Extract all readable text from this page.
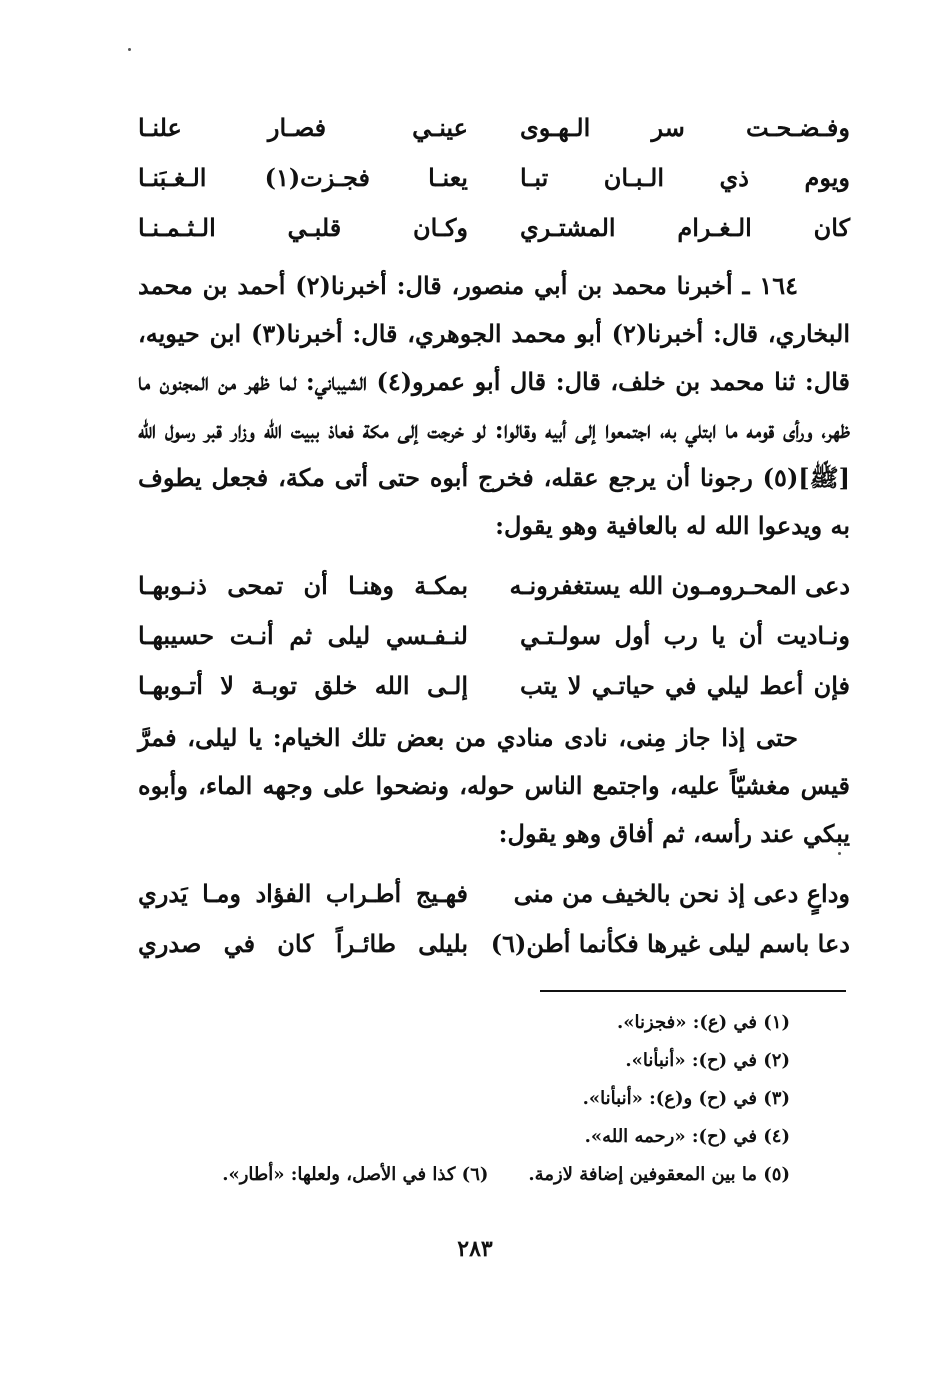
وفـضـحـت سر الـهـوى
عينـي فصـار علنـا
ويوم ذي الـبـان تبـا
يعنـا فجـزت(١) الـغـبَنـا
كان الـغـرام المشتـري
وكـان قلبـي الـثـمـنـا

١٦٤ ـ أخبرنا محمد بن أبي منصور، قال: أخبرنا(٢) أحمد بن محمد البخاري، قال: أخبرنا(٢) أبو محمد الجوهري، قال: أخبرنا(٣) ابن حيويه، قال: ثنا محمد بن خلف، قال: قال أبو عمرو(٤) الشيباني: لما ظهر من المجنون ما ظهر، ورأى قومه ما ابتلي به، اجتمعوا إلى أبيه وقالوا: لو خرجت إلى مكة فعاذ ببيت الله وزار قبر رسول الله [ﷺ](٥) رجونا أن يرجع عقله، فخرج أبوه حتى أتى مكة، فجعل يطوف به ويدعوا الله له بالعافية وهو يقول:

دعى المحـرومـون الله يستغفرونـه
بمكـة وهنـا أن تمحى ذنـوبهـا
ونـاديت أن يا رب أول سولـتـي
لنـفـسي ليلى ثم أنـت حسيبهـا
فإن أعط ليلي في حياتـي لا يتب
إلـى الله خلق توبـة لا أتـوبهـا

حتى إذا جاز مِنى، نادى منادي من بعض تلك الخيام: يا ليلى، فمرَّ قيس مغشيّاً عليه، واجتمع الناس حوله، ونضحوا على وجهه الماء، وأبوه يبكي عند رأسه، ثم أفاق وهو يقول:

وداعٍ دعى إذ نحن بالخيف من منى
فهـيج أطـراب الفؤاد ومـا يَدري
دعا باسم ليلى غيرها فكأنما أطن(٦)
بليلى طائـراً كان في صدري
(١) في (ع): «فجزنا».
(٢) في (ح): «أنبأنا».
(٣) في (ح) و(ع): «أنبأنا».
(٤) في (ح): «رحمه الله».
(٥) ما بين المعقوفين إضافة لازمة.
(٦) كذا في الأصل، ولعلها: «أطار».
٢٨٣
